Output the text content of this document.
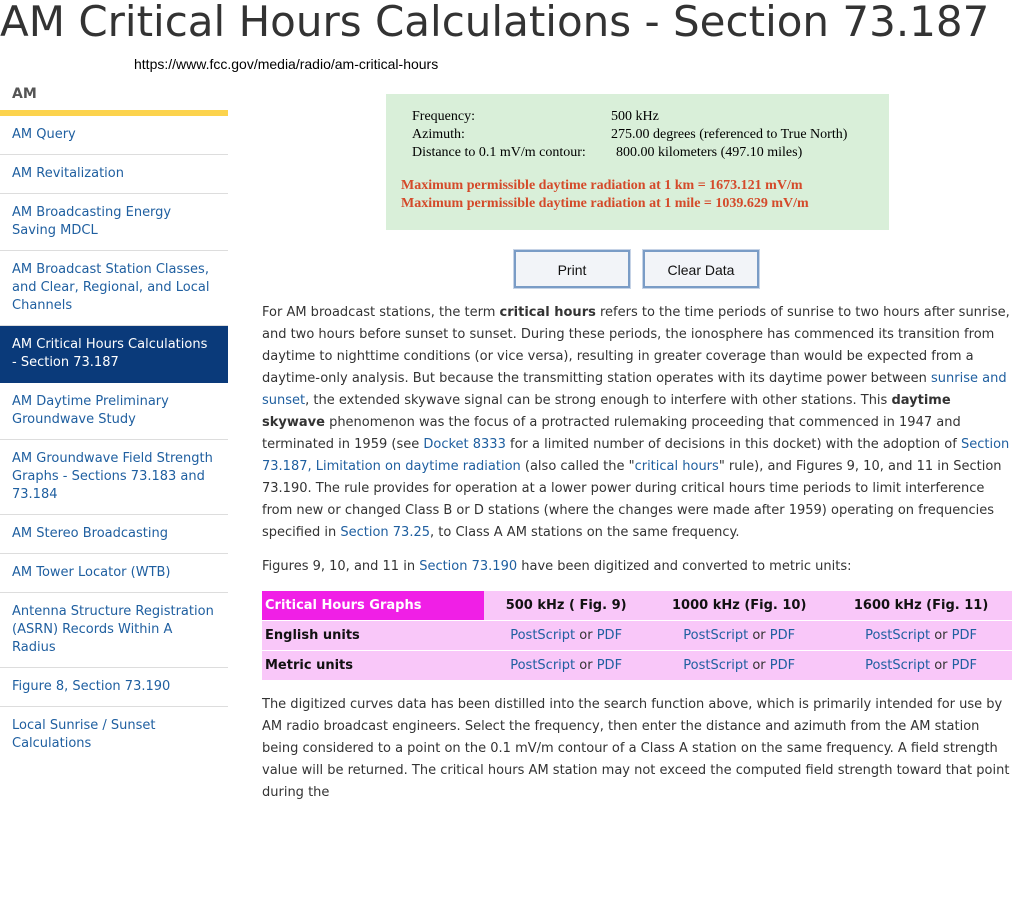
AM Critical Hours Calculations - Section 73.187
https://www.fcc.gov/media/radio/am-critical-hours
AM
AM Query
AM Revitalization
AM Broadcasting Energy Saving MDCL
AM Broadcast Station Classes, and Clear, Regional, and Local Channels
AM Critical Hours Calculations - Section 73.187
AM Daytime Preliminary Groundwave Study
AM Groundwave Field Strength Graphs - Sections 73.183 and 73.184
AM Stereo Broadcasting
AM Tower Locator (WTB)
Antenna Structure Registration (ASRN) Records Within A Radius
Figure 8, Section 73.190
Local Sunrise / Sunset Calculations
Frequency:	500 kHz
Azimuth:	275.00 degrees (referenced to True North)
Distance to 0.1 mV/m contour: 800.00 kilometers (497.10 miles)
Maximum permissible daytime radiation at 1 km = 1673.121 mV/m
Maximum permissible daytime radiation at 1 mile = 1039.629 mV/m
Print	Clear Data

For AM broadcast stations, the term critical hours refers to the time periods of sunrise to two hours after sunrise, and two hours before sunset to sunset. During these periods, the ionosphere has commenced its transition from daytime to nighttime conditions (or vice versa), resulting in greater coverage than would be expected from a daytime-only analysis. But because the transmitting station operates with its daytime power between sunrise and sunset, the extended skywave signal can be strong enough to interfere with other stations. This daytime skywave phenomenon was the focus of a protracted rulemaking proceeding that commenced in 1947 and terminated in 1959 (see Docket 8333 for a limited number of decisions in this docket) with the adoption of Section 73.187, Limitation on daytime radiation (also called the "critical hours" rule), and Figures 9, 10, and 11 in Section 73.190. The rule provides for operation at a lower power during critical hours time periods to limit interference from new or changed Class B or D stations (where the changes were made after 1959) operating on frequencies specified in Section 73.25, to Class A AM stations on the same frequency.

Figures 9, 10, and 11 in Section 73.190 have been digitized and converted to metric units:

Critical Hours Graphs	500 kHz ( Fig. 9)	1000 kHz (Fig. 10)	1600 kHz (Fig. 11)
English units	PostScript or PDF	PostScript or PDF	PostScript or PDF
Metric units	PostScript or PDF	PostScript or PDF	PostScript or PDF
The digitized curves data has been distilled into the search function above, which is primarily intended for use by AM radio broadcast engineers. Select the frequency, then enter the distance and azimuth from the AM station being considered to a point on the 0.1 mV/m contour of a Class A station on the same frequency. A field strength value will be returned. The critical hours AM station may not exceed the computed field strength toward that point during the
